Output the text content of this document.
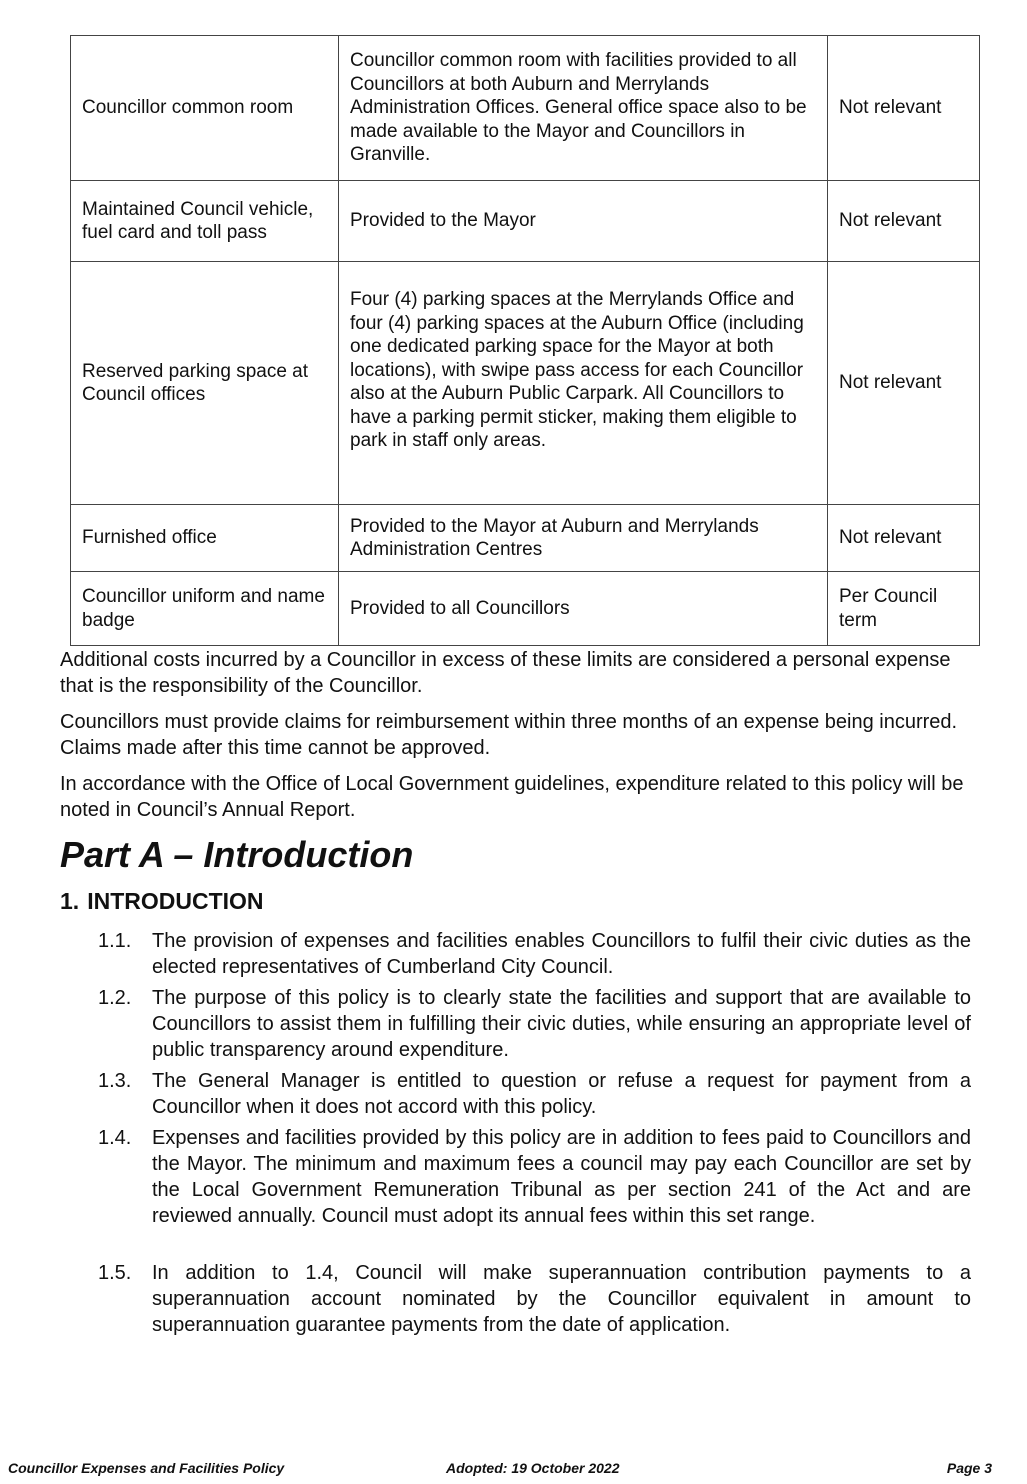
Councillor common room	Councillor common room with facilities provided to all Councillors at both Auburn and Merrylands Administration Offices. General office space also to be made available to the Mayor and Councillors in Granville.	Not relevant
Maintained Council vehicle, fuel card and toll pass	Provided to the Mayor	Not relevant
Reserved parking space at Council offices	Four (4) parking spaces at the Merrylands Office and four (4) parking spaces at the Auburn Office (including one dedicated parking space for the Mayor at both locations), with swipe pass access for each Councillor also at the Auburn Public Carpark. All Councillors to have a parking permit sticker, making them eligible to park in staff only areas.	Not relevant
Furnished office	Provided to the Mayor at Auburn and Merrylands Administration Centres	Not relevant
Councillor uniform and name badge	Provided to all Councillors	Per Council term

Additional costs incurred by a Councillor in excess of these limits are considered a personal expense that is the responsibility of the Councillor.

Councillors must provide claims for reimbursement within three months of an expense being incurred. Claims made after this time cannot be approved.

In accordance with the Office of Local Government guidelines, expenditure related to this policy will be noted in Council’s Annual Report.

Part A – Introduction
1. INTRODUCTION
1.1.	The provision of expenses and facilities enables Councillors to fulfil their civic duties as the elected representatives of Cumberland City Council.
1.2.	The purpose of this policy is to clearly state the facilities and support that are available to Councillors to assist them in fulfilling their civic duties, while ensuring an appropriate level of public transparency around expenditure.
1.3.	The General Manager is entitled to question or refuse a request for payment from a Councillor when it does not accord with this policy.
1.4.	Expenses and facilities provided by this policy are in addition to fees paid to Councillors and the Mayor. The minimum and maximum fees a council may pay each Councillor are set by the Local Government Remuneration Tribunal as per section 241 of the Act and are reviewed annually. Council must adopt its annual fees within this set range.
1.5.	In addition to 1.4, Council will make superannuation contribution payments to a superannuation account nominated by the Councillor equivalent in amount to superannuation guarantee payments from the date of application.
Councillor Expenses and Facilities Policy	Adopted: 19 October 2022	Page 3
